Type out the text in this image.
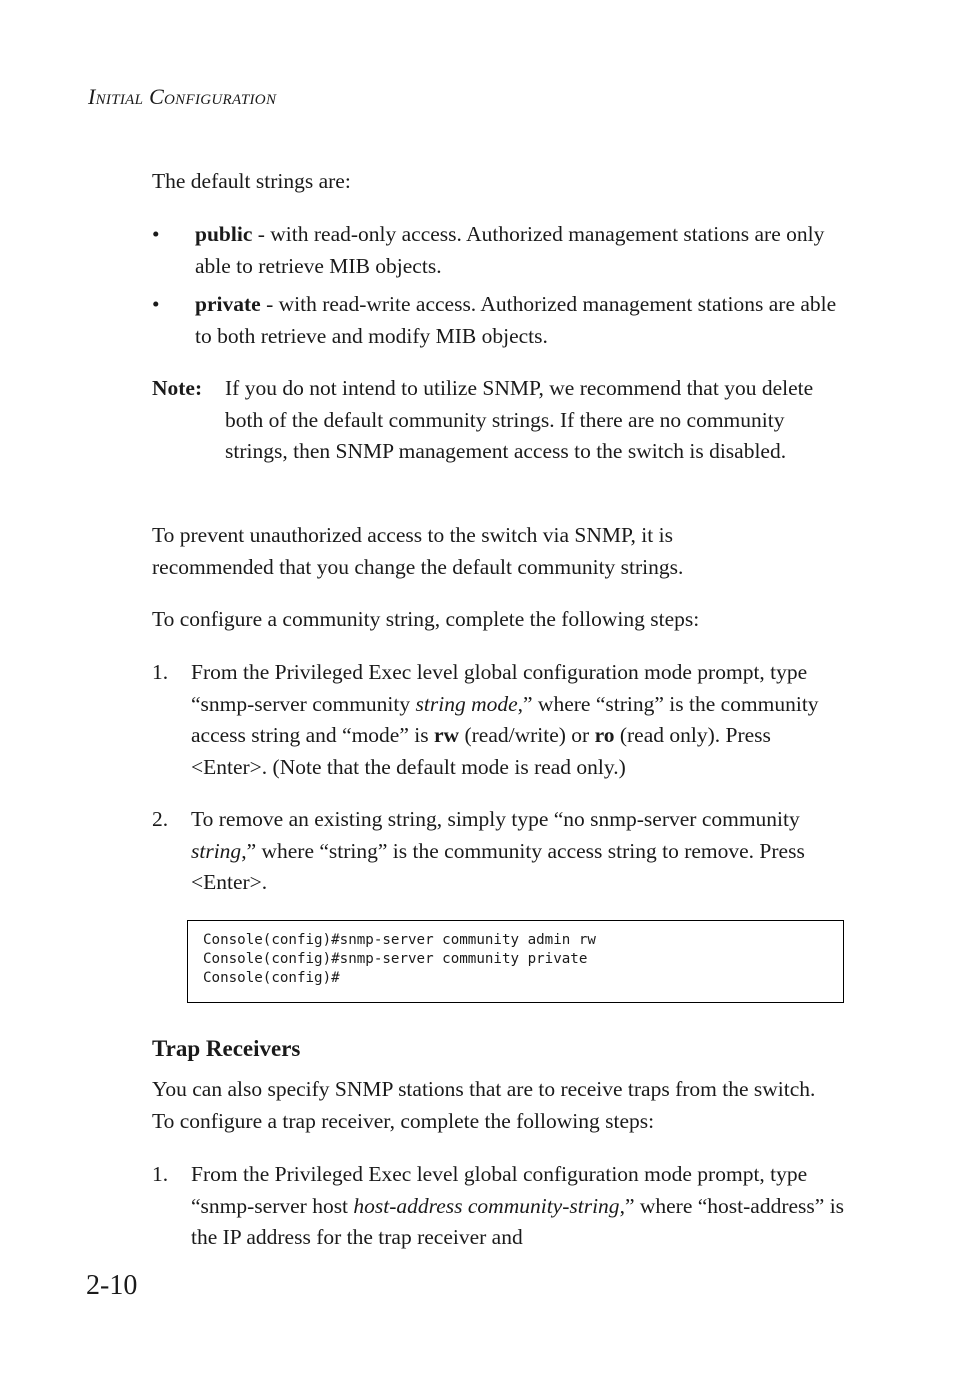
Initial Configuration

The default strings are:

• public - with read-only access. Authorized management stations are only able to retrieve MIB objects.
• private - with read-write access. Authorized management stations are able to both retrieve and modify MIB objects.
Note: If you do not intend to utilize SNMP, we recommend that you delete both of the default community strings. If there are no community strings, then SNMP management access to the switch is disabled.

To prevent unauthorized access to the switch via SNMP, it is recommended that you change the default community strings.

To configure a community string, complete the following steps:

1. From the Privileged Exec level global configuration mode prompt, type “snmp-server community string mode,” where “string” is the community access string and “mode” is rw (read/write) or ro (read only). Press <Enter>. (Note that the default mode is read only.)
2. To remove an existing string, simply type “no snmp-server community string,” where “string” is the community access string to remove. Press <Enter>.
Console(config)#snmp-server community admin rw
Console(config)#snmp-server community private
Console(config)#
Trap Receivers

You can also specify SNMP stations that are to receive traps from the switch. To configure a trap receiver, complete the following steps:

1. From the Privileged Exec level global configuration mode prompt, type “snmp-server host host-address community-string,” where “host-address” is the IP address for the trap receiver and
2-10
